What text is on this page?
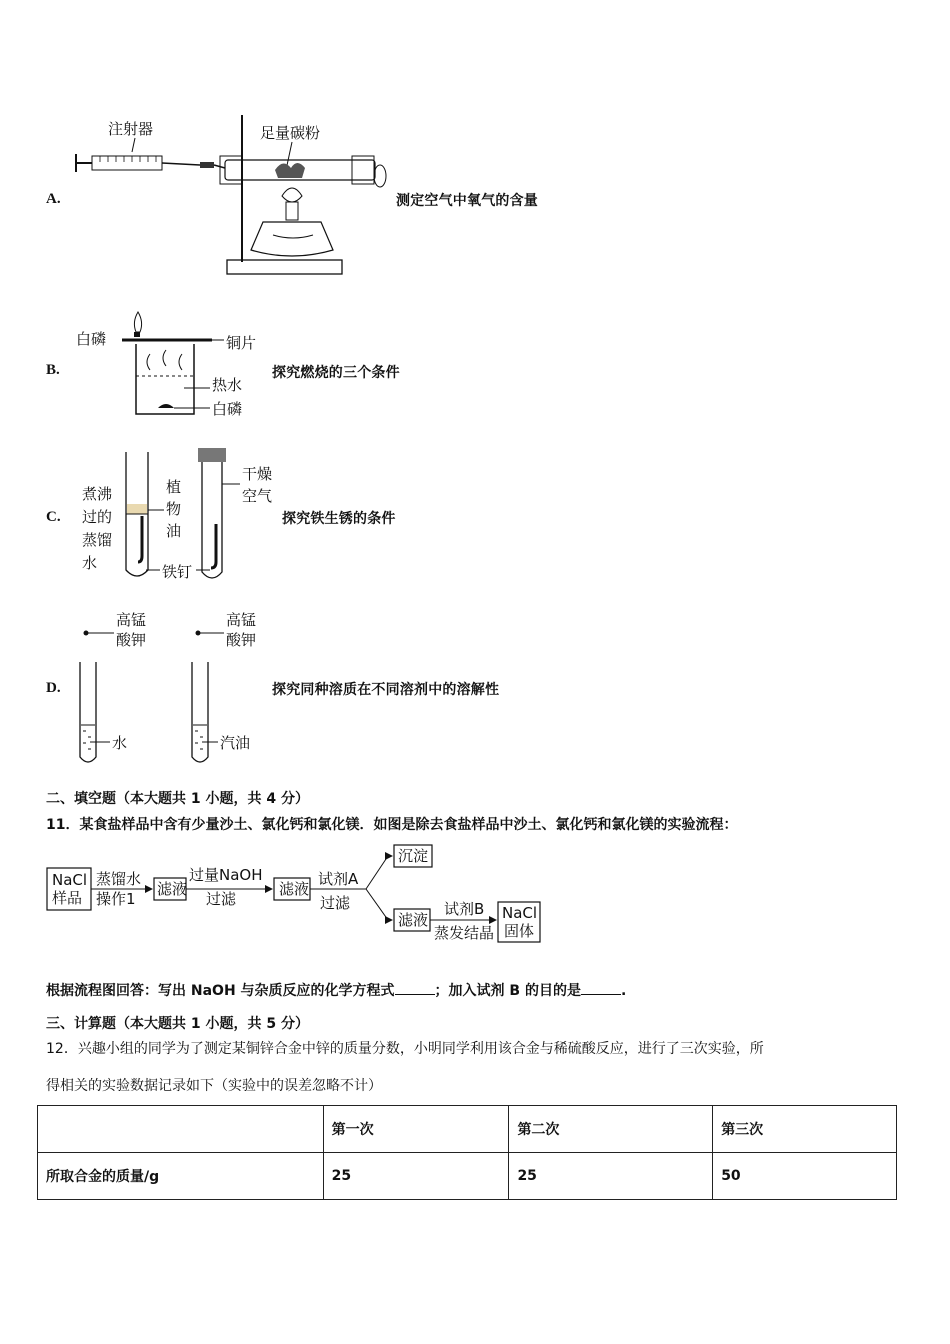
A.
注射器	足量碳粉
测定空气中氧气的含量
B.
白磷	铜片
热水
白磷
探究燃烧的三个条件
C.
煮沸
过的
蒸馏
水
植
物
油
干燥
空气
铁钉
探究铁生锈的条件
D.
高锰
酸钾
高锰
酸钾
水	汽油
探究同种溶质在不同溶剂中的溶解性
二、填空题（本大题共 1 小题，共 4 分）
11．某食盐样品中含有少量沙土、氯化钙和氯化镁．如图是除去食盐样品中沙土、氯化钙和氯化镁的实验流程：
NaCl
样品
蒸馏水
操作1
滤液
过量NaOH
过滤
滤液
试剂A
过滤
沉淀
滤液
试剂B
蒸发结晶
NaCl
固体
根据流程图回答：写出 NaOH 与杂质反应的化学方程式	；加入试剂 B 的目的是	.
三、计算题（本大题共 1 小题，共 5 分）
12．兴趣小组的同学为了测定某铜锌合金中锌的质量分数，小明同学利用该合金与稀硫酸反应，进行了三次实验，所
得相关的实验数据记录如下（实验中的误差忽略不计）
	第一次	第二次	第三次
所取合金的质量/g	25	25	50
